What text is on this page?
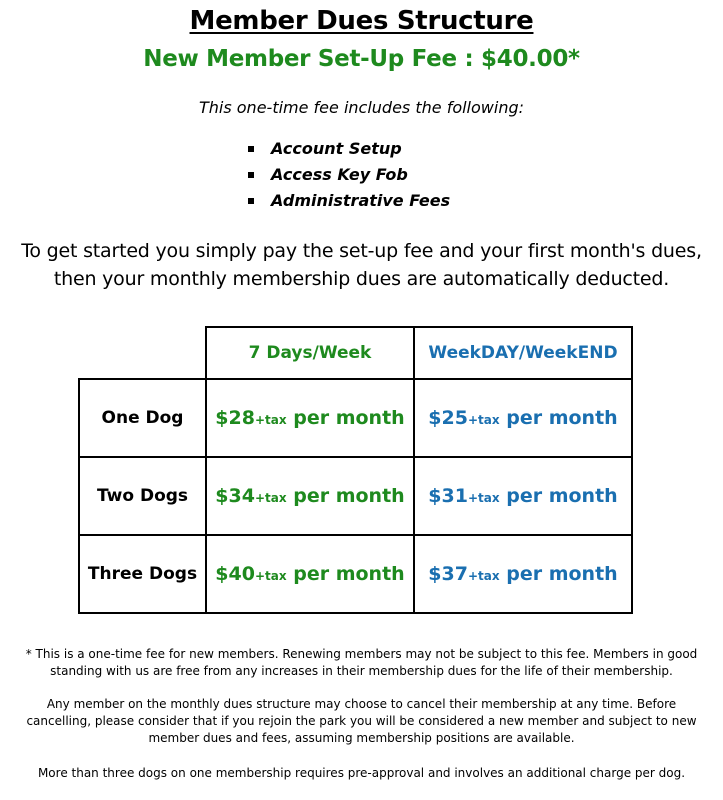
Member Dues Structure
New Member Set-Up Fee : $40.00*
This one-time fee includes the following:
Account Setup
Access Key Fob
Administrative Fees
To get started you simply pay the set-up fee and your first month's dues,
then your monthly membership dues are automatically deducted.
	7 Days/Week	WeekDAY/WeekEND
One Dog	$28+tax per month	$25+tax per month
Two Dogs	$34+tax per month	$31+tax per month
Three Dogs	$40+tax per month	$37+tax per month
* This is a one-time fee for new members. Renewing members may not be subject to this fee. Members in good
standing with us are free from any increases in their membership dues for the life of their membership.
Any member on the monthly dues structure may choose to cancel their membership at any time. Before
cancelling, please consider that if you rejoin the park you will be considered a new member and subject to new
member dues and fees, assuming membership positions are available.
More than three dogs on one membership requires pre-approval and involves an additional charge per dog.
